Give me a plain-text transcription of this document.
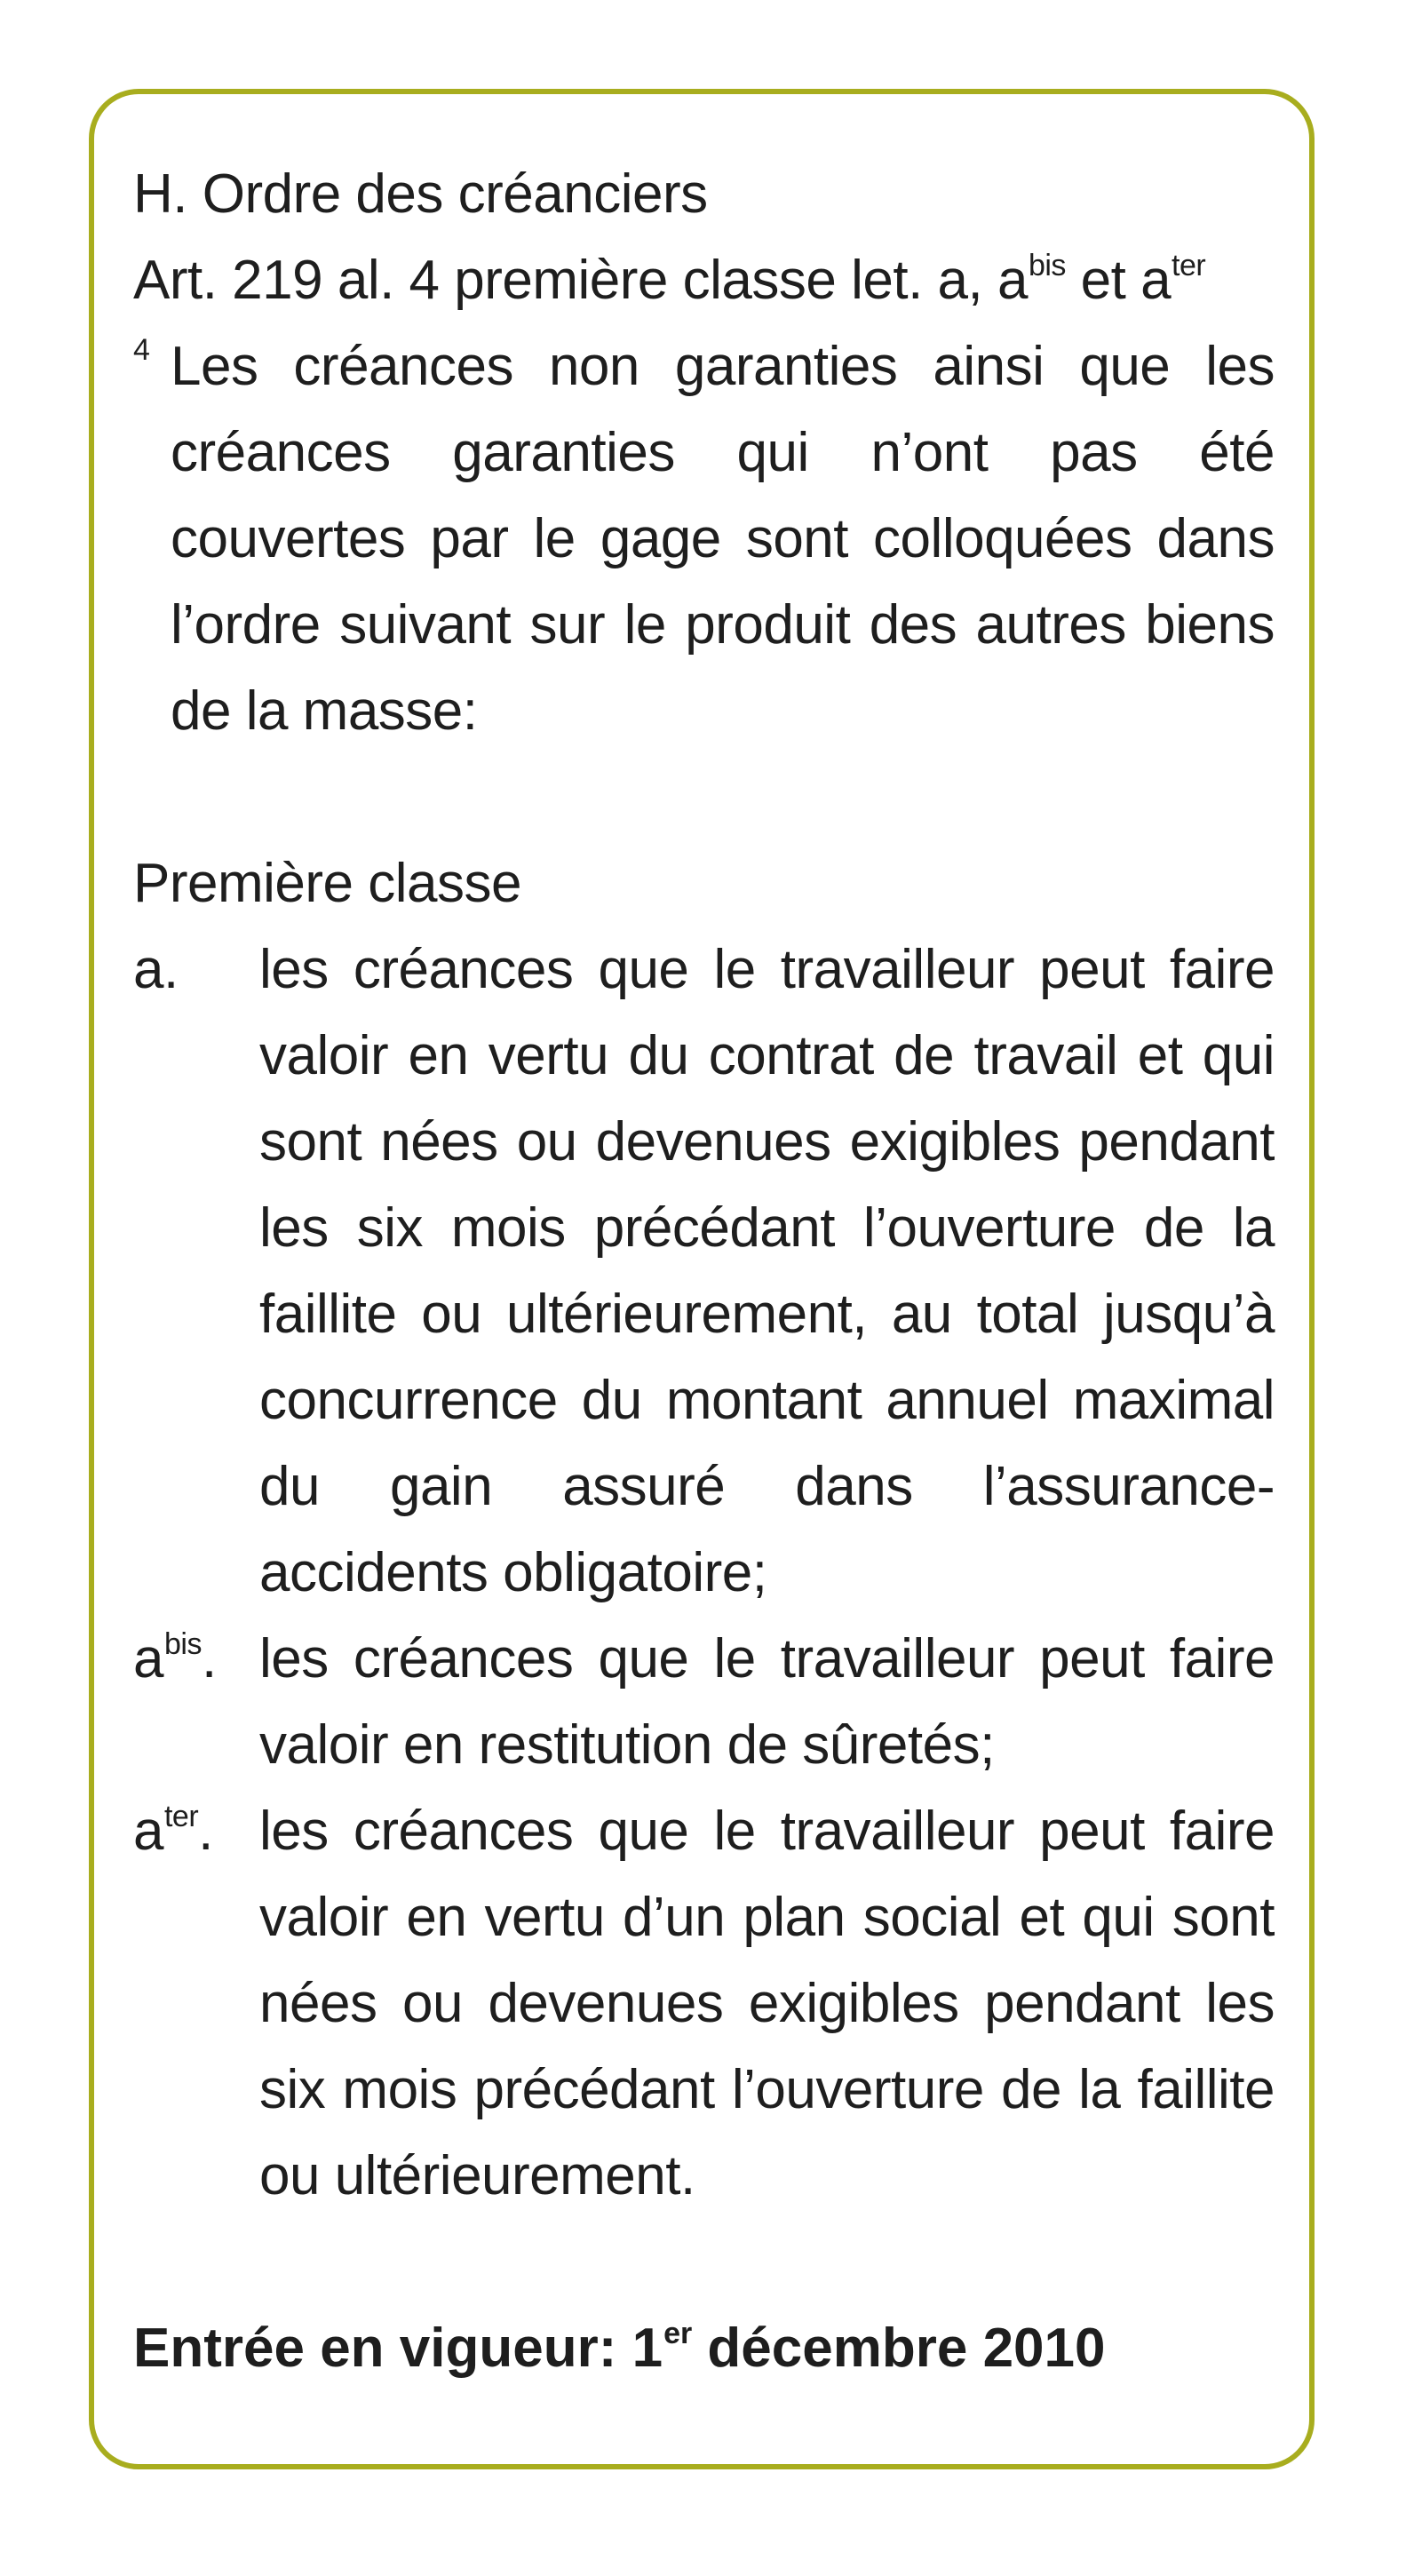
H. Ordre des créanciers
Art. 219 al. 4 première classe let. a, $a^{bis}$ et $a^{ter}$
4 Les créances non garanties ainsi que les créances garanties qui n’ont pas été couvertes par le gage sont colloquées dans l’ordre suivant sur le produit des autres biens de la masse:
Première classe
a.	les créances que le travailleur peut faire valoir en vertu du contrat de travail et qui sont nées ou devenues exigibles pendant les six mois précédant l’ouverture de la faillite ou ultérieurement, au total jusqu’à concurrence du montant annuel maximal du gain assuré dans l’assurance-accidents obligatoire;
$a^{bis}$. les créances que le travailleur peut faire valoir en restitution de sûretés;
$a^{ter}$. les créances que le travailleur peut faire valoir en vertu d’un plan social et qui sont nées ou devenues exigibles pendant les six mois précédant l’ouverture de la faillite ou ultérieurement.
Entrée en vigueur: 1er décembre 2010
